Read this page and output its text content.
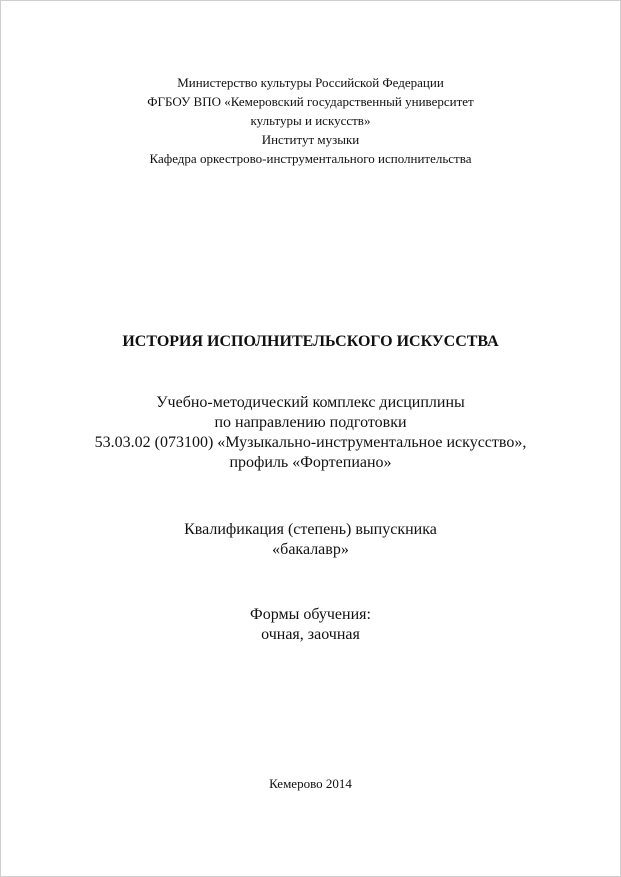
Министерство культуры Российской Федерации
ФГБОУ ВПО «Кемеровский государственный университет
культуры и искусств»
Институт музыки
Кафедра оркестрово-инструментального исполнительства
ИСТОРИЯ ИСПОЛНИТЕЛЬСКОГО ИСКУССТВА
Учебно-методический комплекс дисциплины
по направлению подготовки
53.03.02 (073100) «Музыкально-инструментальное искусство»,
профиль «Фортепиано»
Квалификация (степень) выпускника
«бакалавр»
Формы обучения:
очная, заочная
Кемерово 2014
